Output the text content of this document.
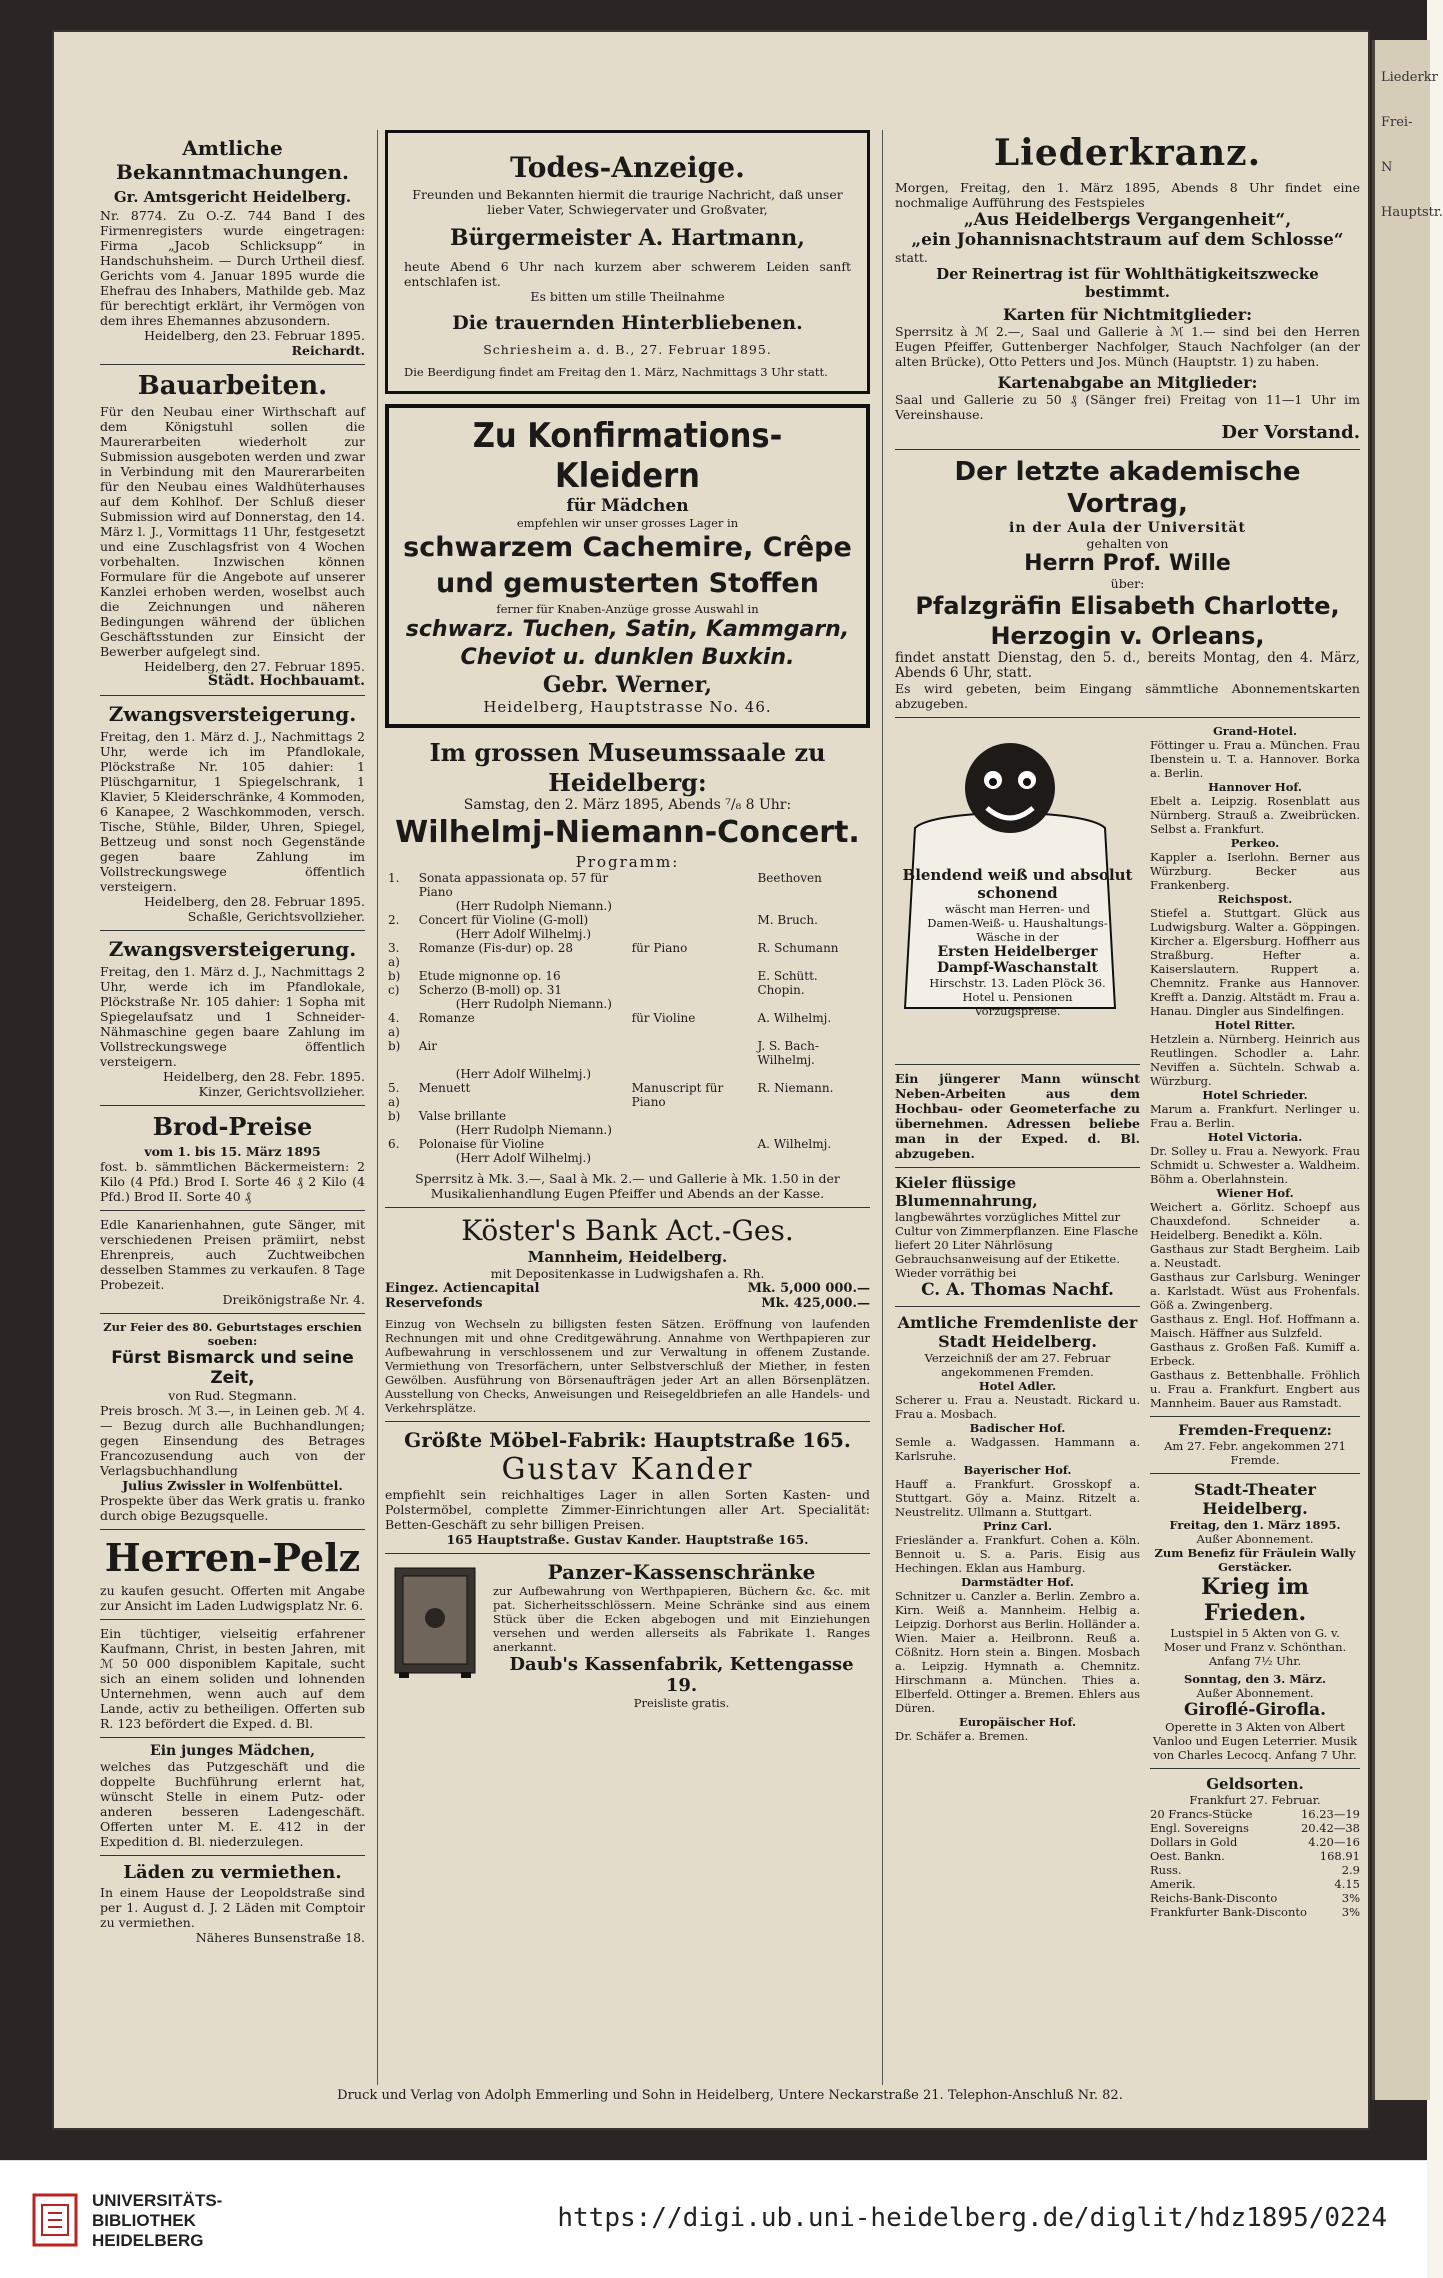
Liederkr
Frei-
N
Hauptstr.
Amtliche Bekanntmachungen.
Gr. Amtsgericht Heidelberg.
Nr. 8774. Zu O.-Z. 744 Band I des Firmenregisters wurde eingetragen: Firma „Jacob Schlicksupp“ in Handschuhsheim. — Durch Urtheil diesf. Gerichts vom 4. Januar 1895 wurde die Ehefrau des Inhabers, Mathilde geb. Maz für berechtigt erklärt, ihr Vermögen von dem ihres Ehemannes abzusondern.
Heidelberg, den 23. Februar 1895.
Reichardt.
Bauarbeiten.
Für den Neubau einer Wirthschaft auf dem Königstuhl sollen die Maurerarbeiten wiederholt zur Submission ausgeboten werden und zwar in Verbindung mit den Maurerarbeiten für den Neubau eines Waldhüterhauses auf dem Kohlhof. Der Schluß dieser Submission wird auf Donnerstag, den 14. März l. J., Vormittags 11 Uhr, festgesetzt und eine Zuschlagsfrist von 4 Wochen vorbehalten. Inzwischen können Formulare für die Angebote auf unserer Kanzlei erhoben werden, woselbst auch die Zeichnungen und näheren Bedingungen während der üblichen Geschäftsstunden zur Einsicht der Bewerber aufgelegt sind.
Heidelberg, den 27. Februar 1895.
Städt. Hochbauamt.
Zwangsversteigerung.
Freitag, den 1. März d. J., Nachmittags 2 Uhr, werde ich im Pfandlokale, Plöckstraße Nr. 105 dahier: 1 Plüschgarnitur, 1 Spiegelschrank, 1 Klavier, 5 Kleiderschränke, 4 Kommoden, 6 Kanapee, 2 Waschkommoden, versch. Tische, Stühle, Bilder, Uhren, Spiegel, Bettzeug und sonst noch Gegenstände gegen baare Zahlung im Vollstreckungswege öffentlich versteigern.
Heidelberg, den 28. Februar 1895.
Schaßle, Gerichtsvollzieher.
Zwangsversteigerung.
Freitag, den 1. März d. J., Nachmittags 2 Uhr, werde ich im Pfandlokale, Plöckstraße Nr. 105 dahier: 1 Sopha mit Spiegelaufsatz und 1 Schneider-Nähmaschine gegen baare Zahlung im Vollstreckungswege öffentlich versteigern.
Heidelberg, den 28. Febr. 1895.
Kinzer, Gerichtsvollzieher.
Brod-Preise
vom 1. bis 15. März 1895
fost. b. sämmtlichen Bäckermeistern: 2 Kilo (4 Pfd.) Brod I. Sorte 46 ₰ 2 Kilo (4 Pfd.) Brod II. Sorte 40 ₰
Edle Kanarienhahnen, gute Sänger, mit verschiedenen Preisen prämiirt, nebst Ehrenpreis, auch Zuchtweibchen desselben Stammes zu verkaufen. 8 Tage Probezeit.
Dreikönigstraße Nr. 4.
Zur Feier des 80. Geburtstages erschien soeben:
Fürst Bismarck und seine Zeit,
von Rud. Stegmann.
Preis brosch. ℳ 3.—, in Leinen geb. ℳ 4.— Bezug durch alle Buchhandlungen; gegen Einsendung des Betrages Francozusendung auch von der Verlagsbuchhandlung
Julius Zwissler in Wolfenbüttel.
Prospekte über das Werk gratis u. franko durch obige Bezugsquelle.
Herren-Pelz
zu kaufen gesucht. Offerten mit Angabe zur Ansicht im Laden Ludwigsplatz Nr. 6.
Ein tüchtiger, vielseitig erfahrener Kaufmann, Christ, in besten Jahren, mit ℳ 50 000 disponiblem Kapitale, sucht sich an einem soliden und lohnenden Unternehmen, wenn auch auf dem Lande, activ zu betheiligen. Offerten sub R. 123 befördert die Exped. d. Bl.
Ein junges Mädchen,
welches das Putzgeschäft und die doppelte Buchführung erlernt hat, wünscht Stelle in einem Putz- oder anderen besseren Ladengeschäft. Offerten unter M. E. 412 in der Expedition d. Bl. niederzulegen.
Läden zu vermiethen.
In einem Hause der Leopoldstraße sind per 1. August d. J. 2 Läden mit Comptoir zu vermiethen.
Näheres Bunsenstraße 18.
Todes-Anzeige.
Freunden und Bekannten hiermit die traurige Nachricht, daß unser lieber Vater, Schwiegervater und Großvater,
Bürgermeister A. Hartmann,
heute Abend 6 Uhr nach kurzem aber schwerem Leiden sanft entschlafen ist.
Es bitten um stille Theilnahme
Die trauernden Hinterbliebenen.
Schriesheim a. d. B., 27. Februar 1895.
Die Beerdigung findet am Freitag den 1. März, Nachmittags 3 Uhr statt.
Zu Konfirmations-Kleidern
für Mädchen
empfehlen wir unser grosses Lager in
schwarzem Cachemire, Crêpe
und gemusterten Stoffen
ferner für Knaben-Anzüge grosse Auswahl in
schwarz. Tuchen, Satin, Kammgarn, Cheviot u. dunklen Buxkin.
Gebr. Werner,
Heidelberg, Hauptstrasse No. 46.
Im grossen Museumssaale zu Heidelberg:
Samstag, den 2. März 1895, Abends ⁷/₈ 8 Uhr:
Wilhelmj-Niemann-Concert.
Programm:
1.	Sonata appassionata op. 57 für Piano		Beethoven
	(Herr Rudolph Niemann.)		
2.	Concert für Violine (G-moll)		M. Bruch.
	(Herr Adolf Wilhelmj.)		
3. a)	Romanze (Fis-dur) op. 28	für Piano	R. Schumann
b)	Etude mignonne op. 16		E. Schütt.
c)	Scherzo (B-moll) op. 31		Chopin.
	(Herr Rudolph Niemann.)		
4. a)	Romanze	für Violine	A. Wilhelmj.
b)	Air		J. S. Bach-Wilhelmj.
	(Herr Adolf Wilhelmj.)		
5. a)	Menuett	Manuscript für Piano	R. Niemann.
b)	Valse brillante		
	(Herr Rudolph Niemann.)		
6.	Polonaise für Violine		A. Wilhelmj.
	(Herr Adolf Wilhelmj.)		
Sperrsitz à Mk. 3.—, Saal à Mk. 2.— und Gallerie à Mk. 1.50 in der Musikalienhandlung Eugen Pfeiffer und Abends an der Kasse.
Köster's Bank Act.-Ges.
Mannheim, Heidelberg.
mit Depositenkasse in Ludwigshafen a. Rh.
Eingez. Actiencapital	Mk. 5,000 000.—
Reservefonds	Mk. 425,000.—
Einzug von Wechseln zu billigsten festen Sätzen. Eröffnung von laufenden Rechnungen mit und ohne Creditgewährung. Annahme von Werthpapieren zur Aufbewahrung in verschlossenem und zur Verwaltung in offenem Zustande. Vermiethung von Tresorfächern, unter Selbstverschluß der Miether, in festen Gewölben. Ausführung von Börsenaufträgen jeder Art an allen Börsenplätzen. Ausstellung von Checks, Anweisungen und Reisegeldbriefen an alle Handels- und Verkehrsplätze.
Größte Möbel-Fabrik: Hauptstraße 165.
Gustav Kander
empfiehlt sein reichhaltiges Lager in allen Sorten Kasten- und Polstermöbel, complette Zimmer-Einrichtungen aller Art. Specialität: Betten-Geschäft zu sehr billigen Preisen.
165 Hauptstraße. Gustav Kander. Hauptstraße 165.
Panzer-Kassenschränke
zur Aufbewahrung von Werthpapieren, Büchern &c. &c. mit pat. Sicherheitsschlössern. Meine Schränke sind aus einem Stück über die Ecken abgebogen und mit Einziehungen versehen und werden allerseits als Fabrikate 1. Ranges anerkannt.
Daub's Kassenfabrik, Kettengasse 19.
Preisliste gratis.
Liederkranz.
Morgen, Freitag, den 1. März 1895, Abends 8 Uhr findet eine nochmalige Aufführung des Festspieles
„Aus Heidelbergs Vergangenheit“,
„ein Johannisnachtstraum auf dem Schlosse“
statt.
Der Reinertrag ist für Wohlthätigkeitszwecke bestimmt.
Karten für Nichtmitglieder:
Sperrsitz à ℳ 2.—, Saal und Gallerie à ℳ 1.— sind bei den Herren Eugen Pfeiffer, Guttenberger Nachfolger, Stauch Nachfolger (an der alten Brücke), Otto Petters und Jos. Münch (Hauptstr. 1) zu haben.
Kartenabgabe an Mitglieder:
Saal und Gallerie zu 50 ₰ (Sänger frei) Freitag von 11—1 Uhr im Vereinshause.
Der Vorstand.
Der letzte akademische Vortrag,
in der Aula der Universität
gehalten von
Herrn Prof. Wille
über:
Pfalzgräfin Elisabeth Charlotte,
Herzogin v. Orleans,
findet anstatt Dienstag, den 5. d., bereits Montag, den 4. März, Abends 6 Uhr, statt.
Es wird gebeten, beim Eingang sämmtliche Abonnementskarten abzugeben.
Blendend weiß und absolut schonend
wäscht man Herren- und Damen-Weiß- u. Haushaltungs-Wäsche in der
Ersten Heidelberger Dampf-Waschanstalt
Hirschstr. 13. Laden Plöck 36. Hotel u. Pensionen Vorzugspreise.
Ein jüngerer Mann wünscht Neben-Arbeiten aus dem Hochbau- oder Geometerfache zu übernehmen. Adressen beliebe man in der Exped. d. Bl. abzugeben.
Kieler flüssige Blumennahrung,
langbewährtes vorzügliches Mittel zur Cultur von Zimmerpflanzen. Eine Flasche liefert 20 Liter Nährlösung Gebrauchsanweisung auf der Etikette. Wieder vorräthig bei
C. A. Thomas Nachf.
Amtliche Fremdenliste der Stadt Heidelberg.
Verzeichniß der am 27. Februar angekommenen Fremden.
Hotel Adler.
Scherer u. Frau a. Neustadt. Rickard u. Frau a. Mosbach.
Badischer Hof.
Semle a. Wadgassen. Hammann a. Karlsruhe.
Bayerischer Hof.
Hauff a. Frankfurt. Grosskopf a. Stuttgart. Göy a. Mainz. Ritzelt a. Neustrelitz. Ullmann a. Stuttgart.
Prinz Carl.
Friesländer a. Frankfurt. Cohen a. Köln. Bennoit u. S. a. Paris. Eisig aus Hechingen. Eklan aus Hamburg.
Darmstädter Hof.
Schnitzer u. Canzler a. Berlin. Zembro a. Kirn. Weiß a. Mannheim. Helbig a. Leipzig. Dorhorst aus Berlin. Holländer a. Wien. Maier a. Heilbronn. Reuß a. Cößnitz. Horn stein a. Bingen. Mosbach a. Leipzig. Hymnath a. Chemnitz. Hirschmann a. München. Thies a. Elberfeld. Ottinger a. Bremen. Ehlers aus Düren.
Europäischer Hof.
Dr. Schäfer a. Bremen.
Grand-Hotel.
Föttinger u. Frau a. München. Frau Ibenstein u. T. a. Hannover. Borka a. Berlin.
Hannover Hof.
Ebelt a. Leipzig. Rosenblatt aus Nürnberg. Strauß a. Zweibrücken. Selbst a. Frankfurt.
Perkeo.
Kappler a. Iserlohn. Berner aus Würzburg. Becker aus Frankenberg.
Reichspost.
Stiefel a. Stuttgart. Glück aus Ludwigsburg. Walter a. Göppingen. Kircher a. Elgersburg. Hoffherr aus Straßburg. Hefter a. Kaiserslautern. Ruppert a. Chemnitz. Franke aus Hannover. Krefft a. Danzig. Altstädt m. Frau a. Hanau. Dingler aus Sindelfingen.
Hotel Ritter.
Hetzlein a. Nürnberg. Heinrich aus Reutlingen. Schodler a. Lahr. Neviffen a. Süchteln. Schwab a. Würzburg.
Hotel Schrieder.
Marum a. Frankfurt. Nerlinger u. Frau a. Berlin.
Hotel Victoria.
Dr. Solley u. Frau a. Newyork. Frau Schmidt u. Schwester a. Waldheim. Böhm a. Oberlahnstein.
Wiener Hof.
Weichert a. Görlitz. Schoepf aus Chauxdefond. Schneider a. Heidelberg. Benedikt a. Köln.
Gasthaus zur Stadt Bergheim. Laib a. Neustadt.
Gasthaus zur Carlsburg. Weninger a. Karlstadt. Wüst aus Frohenfals. Göß a. Zwingenberg.
Gasthaus z. Engl. Hof. Hoffmann a. Maisch. Häffner aus Sulzfeld.
Gasthaus z. Großen Faß. Kumiff a. Erbeck.
Gasthaus z. Bettenbhalle. Fröhlich u. Frau a. Frankfurt. Engbert aus Mannheim. Bauer aus Ramstadt.
Fremden-Frequenz:
Am 27. Febr. angekommen 271 Fremde.
Stadt-Theater Heidelberg.
Freitag, den 1. März 1895.
Außer Abonnement.
Zum Benefiz für Fräulein Wally Gerstäcker.
Krieg im Frieden.
Lustspiel in 5 Akten von G. v. Moser und Franz v. Schönthan. Anfang 7½ Uhr.
Sonntag, den 3. März.
Außer Abonnement.
Giroflé-Girofla.
Operette in 3 Akten von Albert Vanloo und Eugen Leterrier. Musik von Charles Lecocq. Anfang 7 Uhr.
Geldsorten.
Frankfurt 27. Februar.
20 Francs-Stücke	16.23—19
Engl. Sovereigns	20.42—38
Dollars in Gold	4.20—16
Oest. Bankn.	168.91
Russ.	2.9
Amerik.	4.15
Reichs-Bank-Disconto	3%
Frankfurter Bank-Disconto	3%
Druck und Verlag von Adolph Emmerling und Sohn in Heidelberg, Untere Neckarstraße 21. Telephon-Anschluß Nr. 82.
UNIVERSITÄTS-
BIBLIOTHEK
HEIDELBERG
https://digi.ub.uni-heidelberg.de/diglit/hdz1895/0224
